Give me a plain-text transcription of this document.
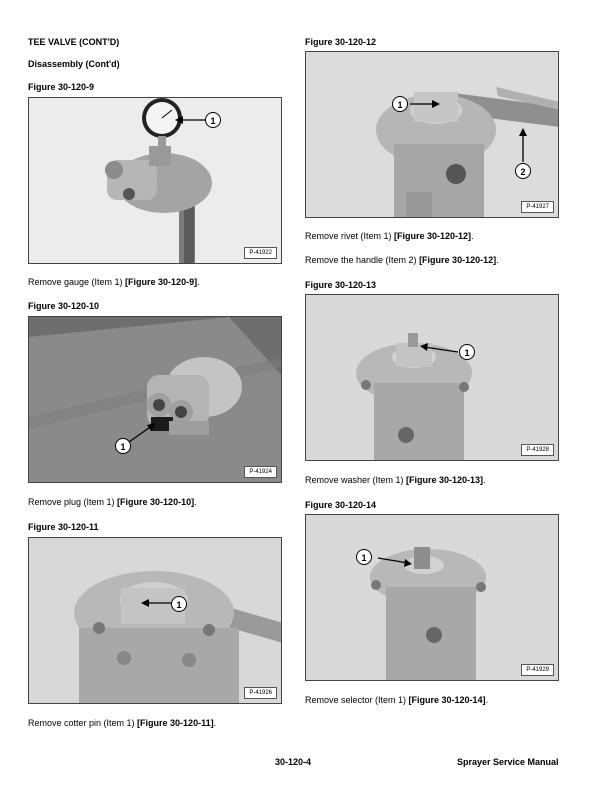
TEE VALVE (CONT'D)
Disassembly (Cont'd)
Figure 30-120-9
1
P-41922
Remove gauge (Item 1) [Figure 30-120-9].
Figure 30-120-10
1
P-41924
Remove plug (Item 1) [Figure 30-120-10].
Figure 30-120-11
1
P-41926
Remove cotter pin (Item 1) [Figure 30-120-11].
Figure 30-120-12
1
2
P-41927
Remove rivet (Item 1) [Figure 30-120-12].
Remove the handle (Item 2) [Figure 30-120-12].
Figure 30-120-13
1
P-41928
Remove washer (Item 1) [Figure 30-120-13].
Figure 30-120-14
1
P-41929
Remove selector (Item 1) [Figure 30-120-14].
30-120-4	Sprayer Service Manual
